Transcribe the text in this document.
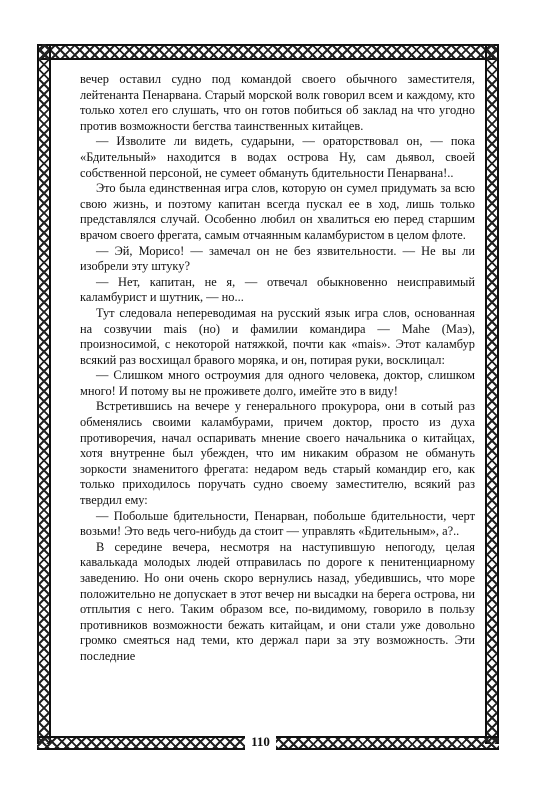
вечер оставил судно под командой своего обычного заместителя, лейтенанта Пенарвана. Старый морской волк говорил всем и каждому, кто только хотел его слушать, что он готов побиться об заклад на что угодно против возможности бегства таинственных китайцев.

— Изволите ли видеть, сударыни, — ораторствовал он, — пока «Бдительный» находится в водах острова Ну, сам дьявол, своей собственной персоной, не сумеет обмануть бдительности Пенарвана!..

Это была единственная игра слов, которую он сумел придумать за всю свою жизнь, и поэтому капитан всегда пускал ее в ход, лишь только представлялся случай. Особенно любил он хвалиться ею перед старшим врачом своего фрегата, самым отчаянным каламбуристом в целом флоте.

— Эй, Морисо! — замечал он не без язвительности. — Не вы ли изобрели эту штуку?

— Нет, капитан, не я, — отвечал обыкновенно неисправимый каламбурист и шутник, — но...

Тут следовала непереводимая на русский язык игра слов, основанная на созвучии mais (но) и фамилии командира — Mahe (Маэ), произносимой, с некоторой натяжкой, почти как «mais». Этот каламбур всякий раз восхищал бравого моряка, и он, потирая руки, восклицал:

— Слишком много остроумия для одного человека, доктор, слишком много! И потому вы не проживете долго, имейте это в виду!

Встретившись на вечере у генерального прокурора, они в сотый раз обменялись своими каламбурами, причем доктор, просто из духа противоречия, начал оспаривать мнение своего начальника о китайцах, хотя внутренне был убежден, что им никаким образом не обмануть зоркости знаменитого фрегата: недаром ведь старый командир его, как только приходилось поручать судно своему заместителю, всякий раз твердил ему:

— Побольше бдительности, Пенарван, побольше бдительности, черт возьми! Это ведь чего-нибудь да стоит — управлять «Бдительным», а?..

В середине вечера, несмотря на наступившую непогоду, целая кавалькада молодых людей отправилась по дороге к пенитенциарному заведению. Но они очень скоро вернулись назад, убедившись, что море положительно не допускает в этот вечер ни высадки на берега острова, ни отплытия с него. Таким образом все, по-видимому, говорило в пользу противников возможности бежать китайцам, и они стали уже довольно громко смеяться над теми, кто держал пари за эту возможность. Эти последние

110
